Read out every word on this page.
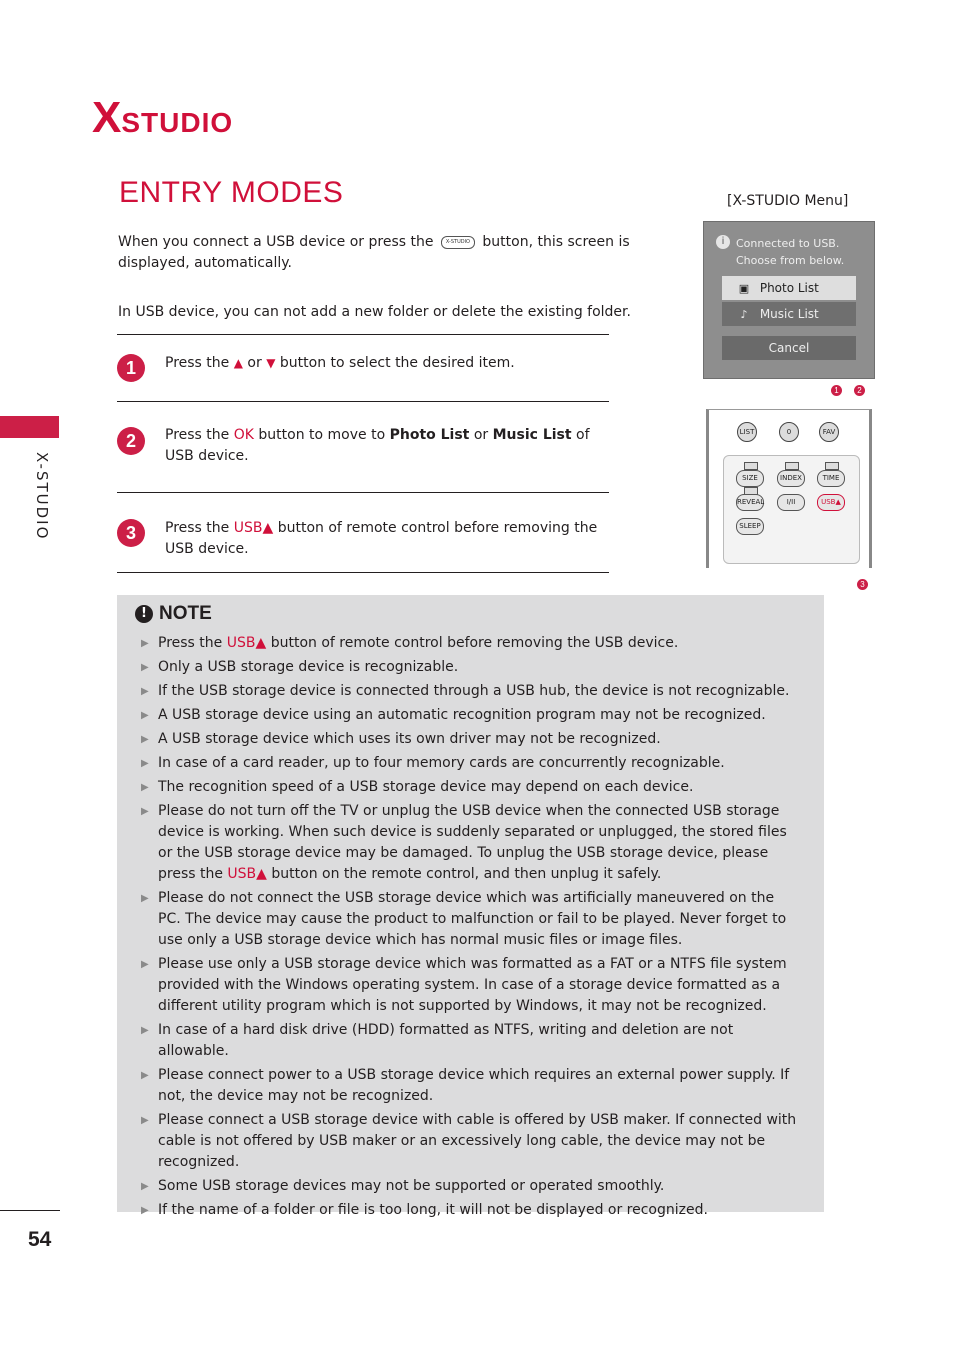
X STUDIO
ENTRY MODES
X-STUDIO
54
When you connect a USB device or press the X-STUDIO button, this screen is displayed, automatically.
In USB device, you can not add a new folder or delete the existing folder.
1	Press the ▲ or ▼ button to select the desired item.
2	Press the OK button to move to Photo List or Music List of USB device.
3	Press the USB▲ button of remote control before removing the USB device.
[X-STUDIO Menu]
i Connected to USB.
Choose from below.
▣ Photo List
♪ Music List
Cancel
1	2
LIST	0	FAV
SIZE	INDEX	TIME
REVEAL	I/II	USB▲
SLEEP
3
! NOTE
▶ Press the USB▲ button of remote control before removing the USB device.
▶ Only a USB storage device is recognizable.
▶ If the USB storage device is connected through a USB hub, the device is not recognizable.
▶ A USB storage device using an automatic recognition program may not be recognized.
▶ A USB storage device which uses its own driver may not be recognized.
▶ In case of a card reader, up to four memory cards are concurrently recognizable.
▶ The recognition speed of a USB storage device may depend on each device.
▶ Please do not turn off the TV or unplug the USB device when the connected USB storage device is working. When such device is suddenly separated or unplugged, the stored files or the USB storage device may be damaged. To unplug the USB storage device, please press the USB▲ button on the remote control, and then unplug it safely.
▶ Please do not connect the USB storage device which was artificially maneuvered on the PC. The device may cause the product to malfunction or fail to be played. Never forget to use only a USB storage device which has normal music files or image files.
▶ Please use only a USB storage device which was formatted as a FAT or a NTFS file system provided with the Windows operating system. In case of a storage device formatted as a different utility program which is not supported by Windows, it may not be recognized.
▶ In case of a hard disk drive (HDD) formatted as NTFS, writing and deletion are not allowable.
▶ Please connect power to a USB storage device which requires an external power supply. If not, the device may not be recognized.
▶ Please connect a USB storage device with cable is offered by USB maker. If connected with cable is not offered by USB maker or an excessively long cable, the device may not be recognized.
▶ Some USB storage devices may not be supported or operated smoothly.
▶ If the name of a folder or file is too long, it will not be displayed or recognized.
